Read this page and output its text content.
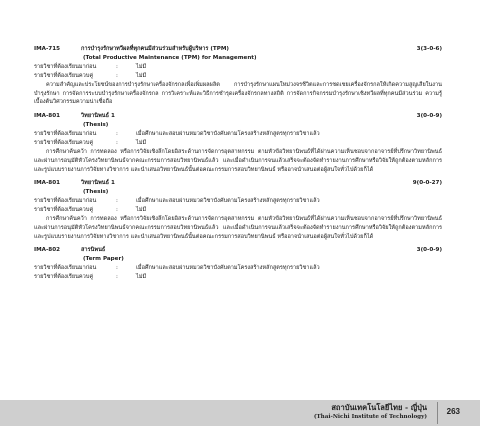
IMA-715	การบำรุงรักษาทวีผลที่ทุกคนมีส่วนร่วมสำหรับผู้บริหาร (TPM)	3(3-0-6)
(Total Productive Maintenance (TPM) for Management)
รายวิชาที่ต้องเรียนมาก่อน	:	ไม่มี
รายวิชาที่ต้องเรียนควบคู่	:	ไม่มี
ความสำคัญและประโยชน์ของการบำรุงรักษาเครื่องจักรกลเพื่อเพิ่มผลผลิต การบำรุงรักษาแผนใหม่วงจรชีวิตและการชดเชยเครื่องจักรกลให้เกิดความสูญเสียในงานบำรุงรักษา การจัดการระบบบำรุงรักษาเครื่องจักรกล การวิเคราะห์และวิธีการชำรุดเครื่องจักรกลทางสถิติ การจัดการกิจกรรมบำรุงรักษาเชิงทวีผลที่ทุกคนมีส่วนร่วม ความรู้เบื้องต้นวิศวกรรมความน่าเชื่อถือ
IMA-801	วิทยานิพนธ์ 1	3(0-0-9)
(Thesis)
รายวิชาที่ต้องเรียนมาก่อน	:	เมื่อศึกษาและสอบผ่านหมวดวิชาบังคับตามโครงสร้างหลักสูตรทุกรายวิชาแล้ว
รายวิชาที่ต้องเรียนควบคู่	:	ไม่มี
การศึกษาค้นคว้า การทดลอง หรือการวิจัยเชิงลึกโดยอิสระด้านการจัดการอุตสาหกรรม ตามหัวข้อวิทยานิพนธ์ที่ได้ผ่านความเห็นชอบจากอาจารย์ที่ปรึกษาวิทยานิพนธ์ และผ่านการอนุมัติหัวโครงวิทยานิพนธ์จากคณะกรรมการสอบวิทยานิพนธ์แล้ว และเมื่อดำเนินการจนแล้วเสร็จจะต้องจัดทำรายงานการศึกษาหรือวิจัยให้ถูกต้องตามหลักการและรูปแบบรายงานการวิจัยทางวิชาการ และนำเสนอวิทยานิพนธ์นั้นต่อคณะกรรมการสอบวิทยานิพนธ์ หรืออาจนำเสนอต่อผู้สนใจทั่วไปด้วยก็ได้
IMA-801	วิทยานิพนธ์ 1	9(0-0-27)
(Thesis)
รายวิชาที่ต้องเรียนมาก่อน	:	เมื่อศึกษาและสอบผ่านหมวดวิชาบังคับตามโครงสร้างหลักสูตรทุกรายวิชาแล้ว
รายวิชาที่ต้องเรียนควบคู่	:	ไม่มี
การศึกษาค้นคว้า การทดลอง หรือการวิจัยเชิงลึกโดยอิสระด้านการจัดการอุตสาหกรรม ตามหัวข้อวิทยานิพนธ์ที่ได้ผ่านความเห็นชอบจากอาจารย์ที่ปรึกษาวิทยานิพนธ์ และผ่านการอนุมัติหัวโครงวิทยานิพนธ์จากคณะกรรมการสอบวิทยานิพนธ์แล้ว และเมื่อดำเนินการจนแล้วเสร็จจะต้องจัดทำรายงานการศึกษาหรือวิจัยให้ถูกต้องตามหลักการและรูปแบบรายงานการวิจัยทางวิชาการ และนำเสนอวิทยานิพนธ์นั้นต่อคณะกรรมการสอบวิทยานิพนธ์ หรืออาจนำเสนอต่อผู้สนใจทั่วไปด้วยก็ได้
IMA-802	สารนิพนธ์	3(0-0-9)
(Term Paper)
รายวิชาที่ต้องเรียนมาก่อน	:	เมื่อศึกษาและสอบผ่านหมวดวิชาบังคับตามโครงสร้างหลักสูตรทุกรายวิชาแล้ว
รายวิชาที่ต้องเรียนควบคู่	:	ไม่มี
สถาบันเทคโนโลยีไทย - ญี่ปุ่น
(Thai-Nichi Institute of Technology)
263
